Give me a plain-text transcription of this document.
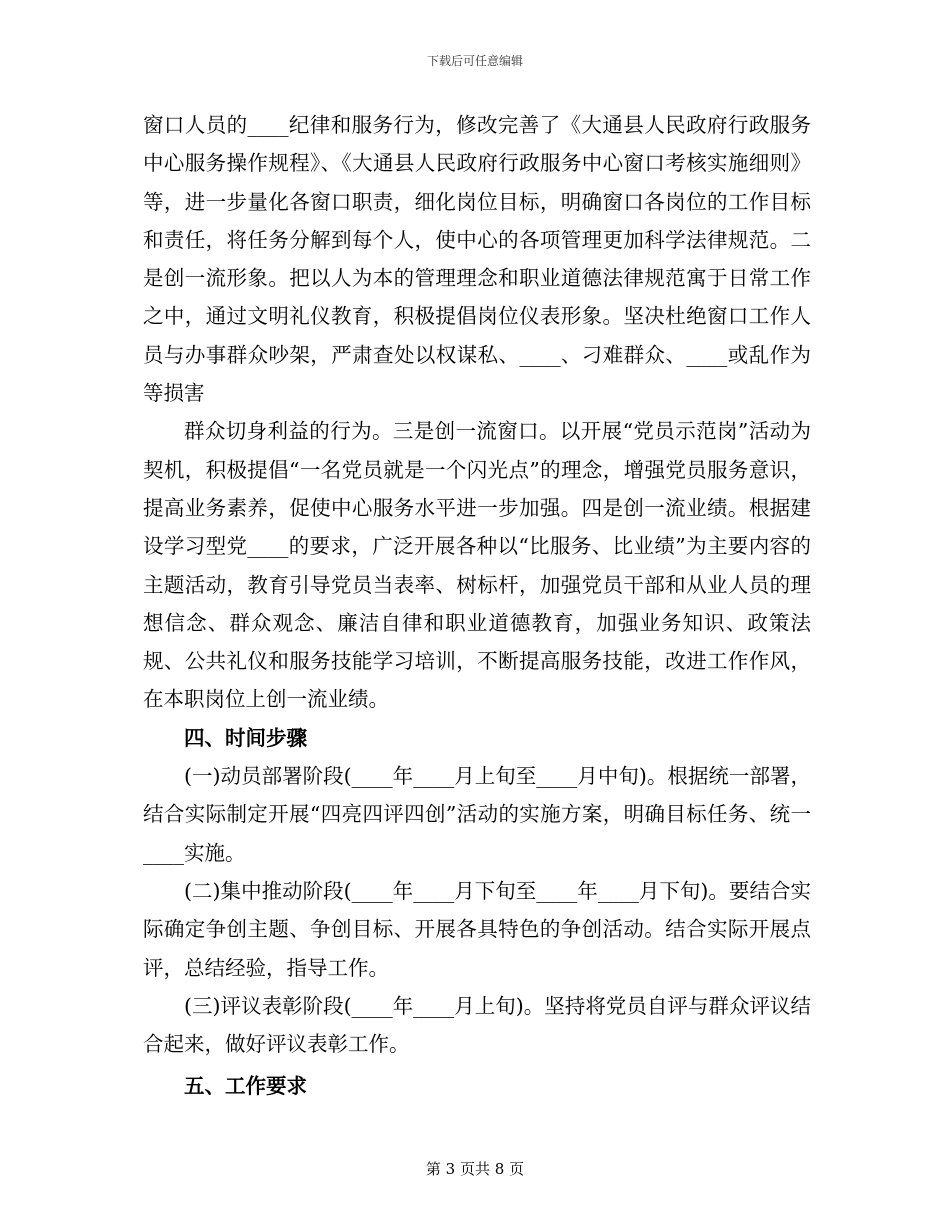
下载后可任意编辑

窗口人员的____纪律和服务行为，修改完善了《大通县人民政府行政服务中心服务操作规程》、《大通县人民政府行政服务中心窗口考核实施细则》等，进一步量化各窗口职责，细化岗位目标，明确窗口各岗位的工作目标和责任，将任务分解到每个人，使中心的各项管理更加科学法律规范。二是创一流形象。把以人为本的管理理念和职业道德法律规范寓于日常工作之中，通过文明礼仪教育，积极提倡岗位仪表形象。坚决杜绝窗口工作人员与办事群众吵架，严肃查处以权谋私、____、刁难群众、____或乱作为等损害

群众切身利益的行为。三是创一流窗口。以开展“党员示范岗”活动为契机，积极提倡“一名党员就是一个闪光点”的理念，增强党员服务意识，提高业务素养，促使中心服务水平进一步加强。四是创一流业绩。根据建设学习型党____的要求，广泛开展各种以“比服务、比业绩”为主要内容的主题活动，教育引导党员当表率、树标杆，加强党员干部和从业人员的理想信念、群众观念、廉洁自律和职业道德教育，加强业务知识、政策法规、公共礼仪和服务技能学习培训，不断提高服务技能，改进工作作风，在本职岗位上创一流业绩。

四、时间步骤

(一)动员部署阶段(____年____月上旬至____月中旬)。根据统一部署，结合实际制定开展“四亮四评四创”活动的实施方案，明确目标任务、统一____实施。

(二)集中推动阶段(____年____月下旬至____年____月下旬)。要结合实际确定争创主题、争创目标、开展各具特色的争创活动。结合实际开展点评，总结经验，指导工作。

(三)评议表彰阶段(____年____月上旬)。坚持将党员自评与群众评议结合起来，做好评议表彰工作。

五、工作要求

第 3 页共 8 页
